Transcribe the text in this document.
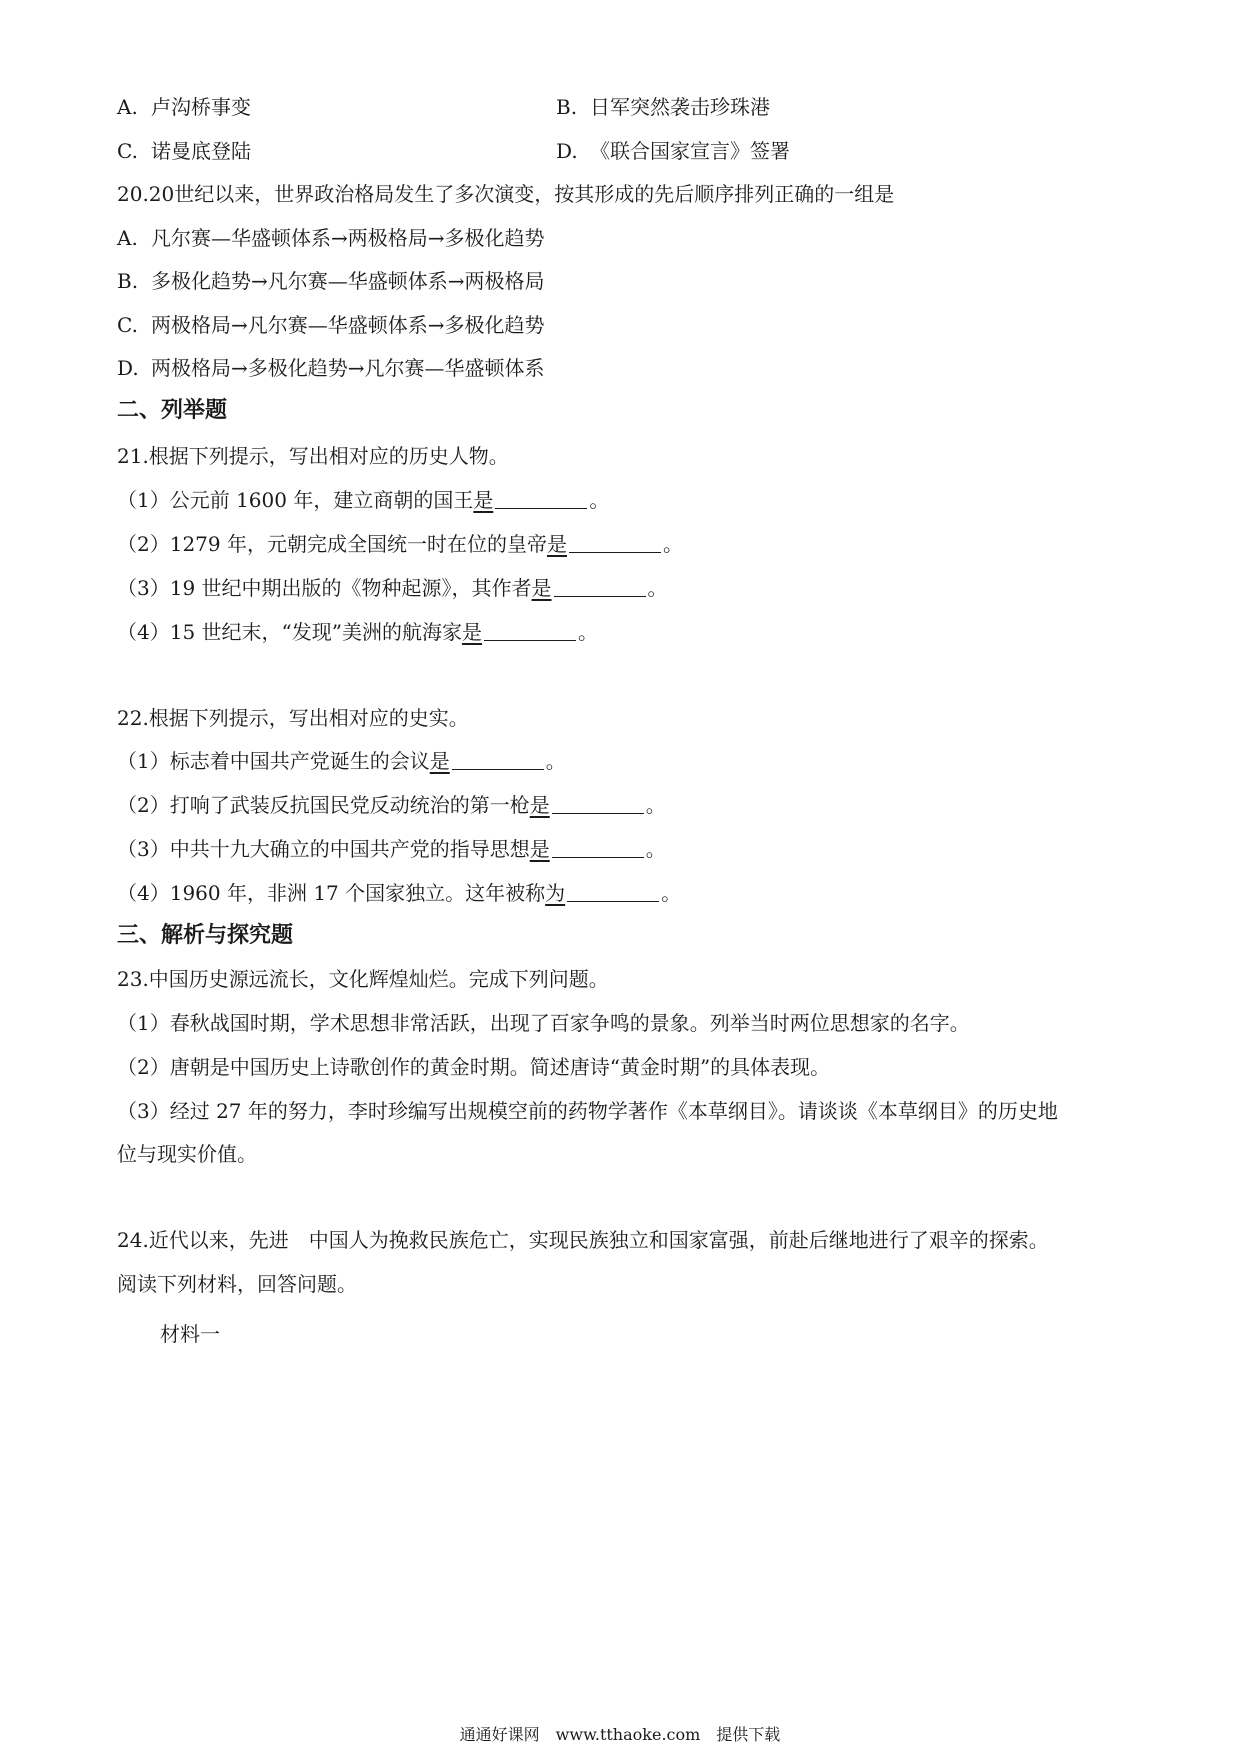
A. 卢沟桥事变	B. 日军突然袭击珍珠港
C. 诺曼底登陆	D. 《联合国家宣言》签署
20.20世纪以来，世界政治格局发生了多次演变，按其形成的先后顺序排列正确的一组是
A. 凡尔赛—华盛顿体系→两极格局→多极化趋势
B. 多极化趋势→凡尔赛—华盛顿体系→两极格局
C. 两极格局→凡尔赛—华盛顿体系→多极化趋势
D. 两极格局→多极化趋势→凡尔赛—华盛顿体系
二、列举题
21.根据下列提示，写出相对应的历史人物。
（1）公元前 1600 年，建立商朝的国王是	。
（2）1279 年，元朝完成全国统一时在位的皇帝是	。
（3）19 世纪中期出版的《物种起源》，其作者是	。
（4）15 世纪末，“发现”美洲的航海家是	。
22.根据下列提示，写出相对应的史实。
（1）标志着中国共产党诞生的会议是	。
（2）打响了武装反抗国民党反动统治的第一枪是	。
（3）中共十九大确立的中国共产党的指导思想是	。
（4）1960 年，非洲 17 个国家独立。这年被称为	。
三、解析与探究题
23.中国历史源远流长，文化辉煌灿烂。完成下列问题。
（1）春秋战国时期，学术思想非常活跃，出现了百家争鸣的景象。列举当时两位思想家的名字。
（2）唐朝是中国历史上诗歌创作的黄金时期。简述唐诗“黄金时期”的具体表现。
（3）经过 27 年的努力，李时珍编写出规模空前的药物学著作《本草纲目》。请谈谈《本草纲目》的历史地
位与现实价值。
24.近代以来，先进　中国人为挽救民族危亡，实现民族独立和国家富强，前赴后继地进行了艰辛的探索。
阅读下列材料，回答问题。
材料一
通通好课网　www.tthaoke.com　提供下载
